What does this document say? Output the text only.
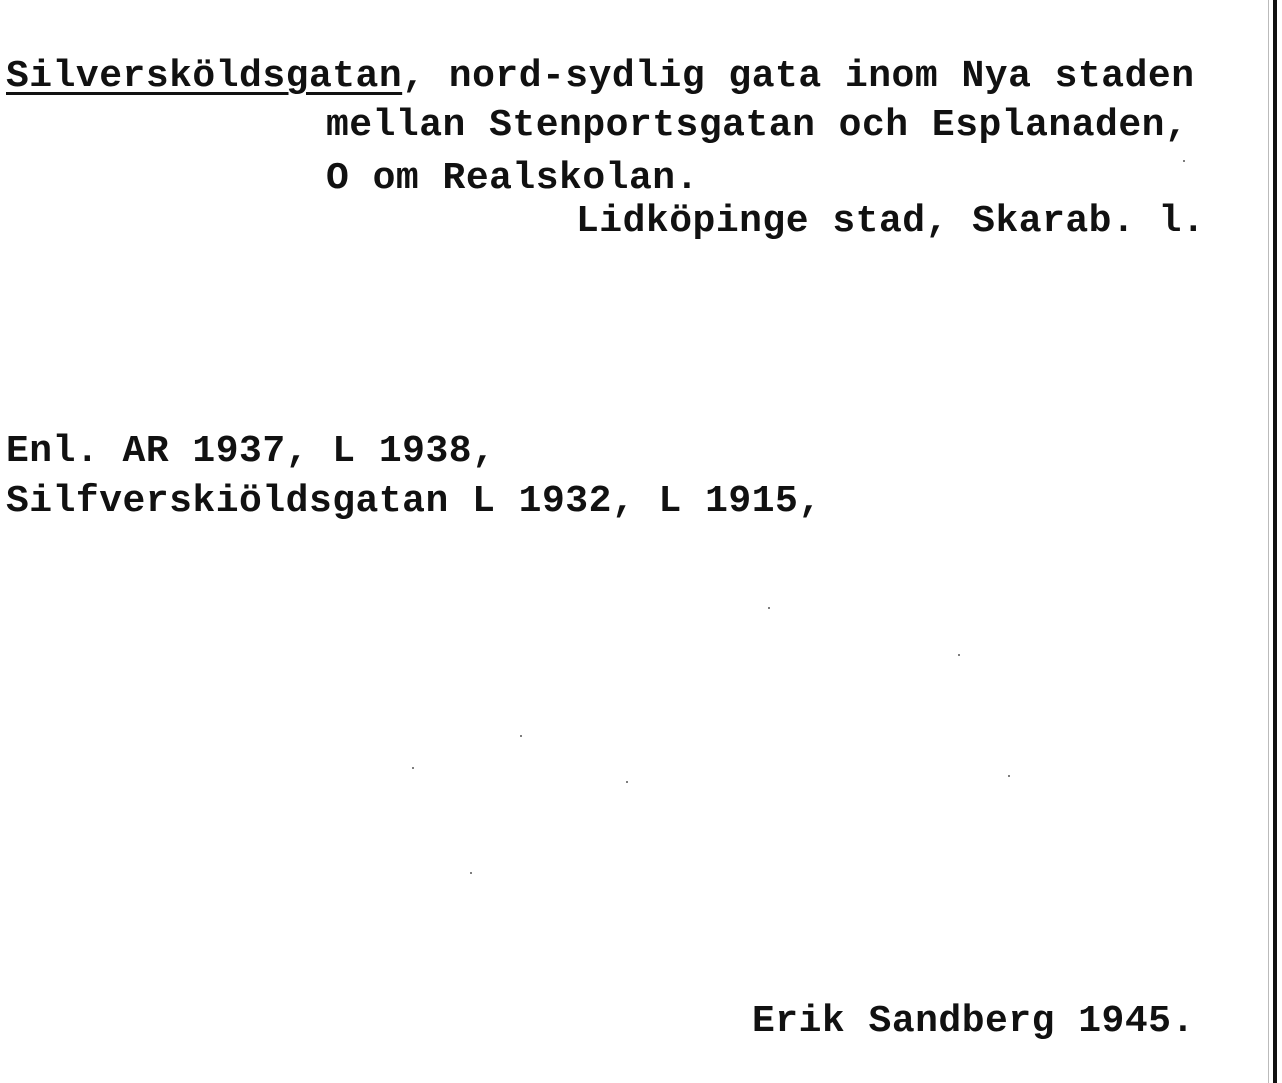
Silversköldsgatan, nord-sydlig gata inom Nya staden
mellan Stenportsgatan och Esplanaden,
O om Realskolan.
Lidköpinge stad, Skarab. l.
Enl. AR 1937, L 1938,
Silfverskiöldsgatan L 1932, L 1915,
Erik Sandberg 1945.
